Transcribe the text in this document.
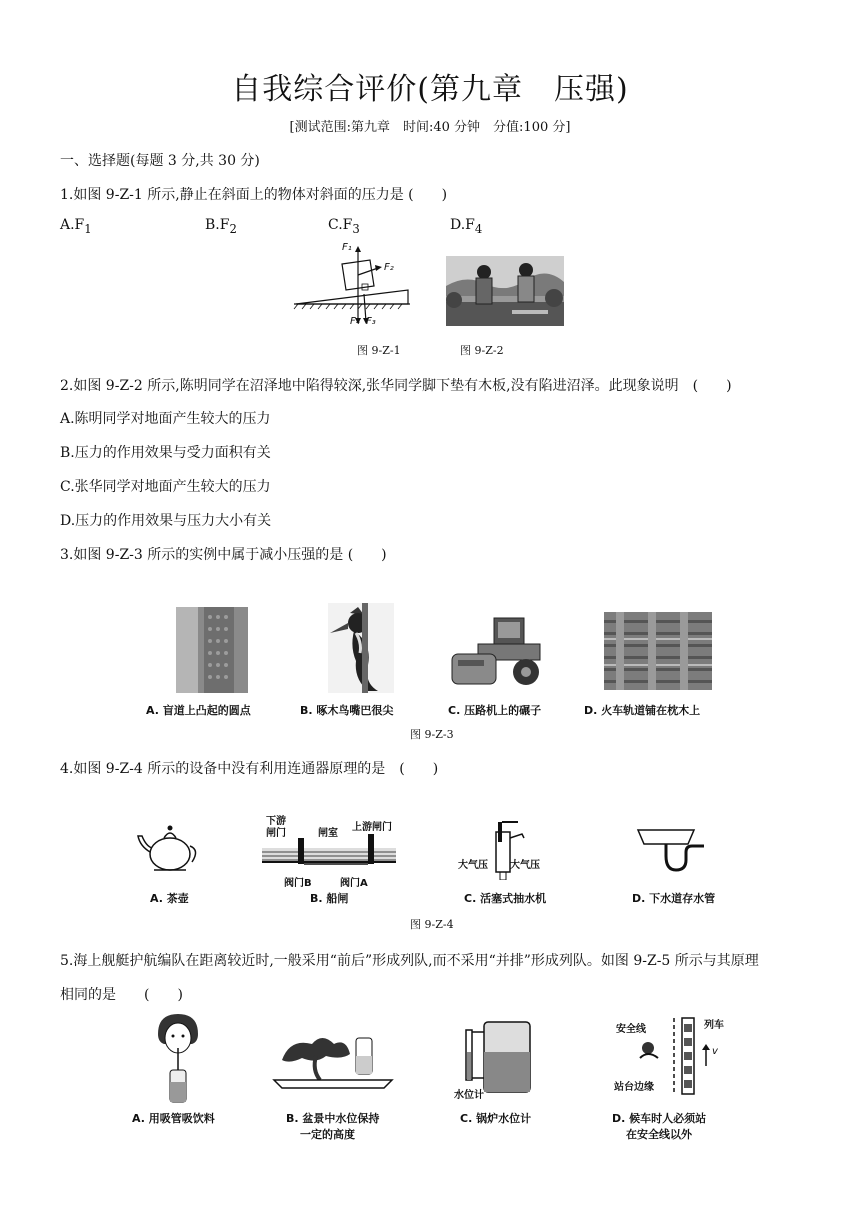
自我综合评价(第九章　压强)
[测试范围:第九章　时间:40 分钟　分值:100 分]
一、选择题(每题 3 分,共 30 分)
1.如图 9-Z-1 所示,静止在斜面上的物体对斜面的压力是 (　　)
$A.F_1$	$B.F_2$	$C.F_3$	$D.F_4$
F₁
F₂
F₄ F₃
图 9-Z-1	图 9-Z-2
2.如图 9-Z-2 所示,陈明同学在沼泽地中陷得较深,张华同学脚下垫有木板,没有陷进沼泽。此现象说明　(　　)
A.陈明同学对地面产生较大的压力
B.压力的作用效果与受力面积有关
C.张华同学对地面产生较大的压力
D.压力的作用效果与压力大小有关
3.如图 9-Z-3 所示的实例中属于减小压强的是 (　　)
A. 盲道上凸起的圆点	B. 啄木鸟嘴巴很尖	C. 压路机上的碾子	D. 火车轨道铺在枕木上
图 9-Z-3
4.如图 9-Z-4 所示的设备中没有利用连通器原理的是　(　　)
下游闸门	闸室
上游闸门
阀门B	阀门A
大气压 大气压
A. 茶壶	B. 船闸	C. 活塞式抽水机	D. 下水道存水管
图 9-Z-4
5.海上舰艇护航编队在距离较近时,一般采用“前后”形成列队,而不采用“并排”形成列队。如图 9-Z-5 所示与其原理
相同的是　　(　　)
水位计
安全线	列车
站台边缘
v
A. 用吸管吸饮料	B. 盆景中水位保持
一定的高度
C. 锅炉水位计	D. 候车时人必须站
在安全线以外
